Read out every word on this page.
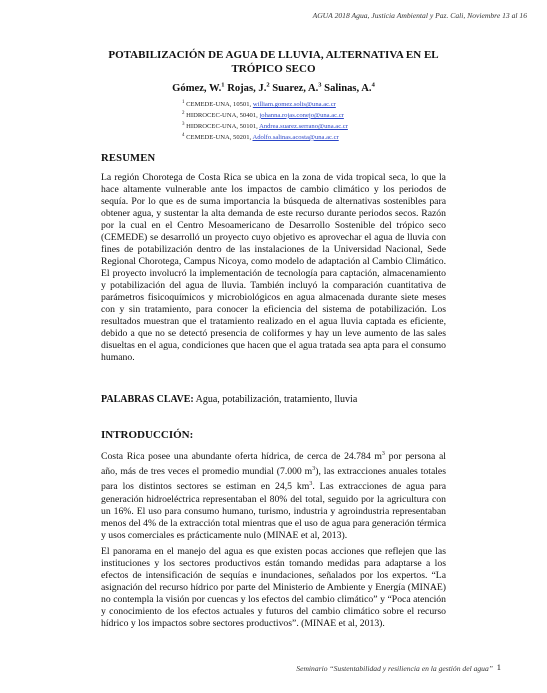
AGUA 2018 Agua, Justicia Ambiental y Paz. Cali, Noviembre 13 al 16
POTABILIZACIÓN DE AGUA DE LLUVIA, ALTERNATIVA EN EL
TRÓPICO SECO
Gómez, W.$^1$ Rojas, J.$^2$ Suarez, A.$^3$ Salinas, A.$^4$
$^1$ CEMEDE-UNA, 10501, william.gomez.solis@una.ac.cr
$^2$ HIDROCEC-UNA, 50401, johanna.rojas.conejo@una.ac.cr
$^3$ HIDROCEC-UNA, 50101, Andrea.suarez.serrano@una.ac.cr
$^4$ CEMEDE-UNA, 50201, Adolfo.salinas.acosta@una.ac.cr
RESUMEN
La región Chorotega de Costa Rica se ubica en la zona de vida tropical seca, lo que la hace altamente vulnerable ante los impactos de cambio climático y los periodos de sequía. Por lo que es de suma importancia la búsqueda de alternativas sostenibles para obtener agua, y sustentar la alta demanda de este recurso durante periodos secos. Razón por la cual en el Centro Mesoamericano de Desarrollo Sostenible del trópico seco (CEMEDE) se desarrolló un proyecto cuyo objetivo es aprovechar el agua de lluvia con fines de potabilización dentro de las instalaciones de la Universidad Nacional, Sede Regional Chorotega, Campus Nicoya, como modelo de adaptación al Cambio Climático. El proyecto involucró la implementación de tecnología para captación, almacenamiento y potabilización del agua de lluvia. También incluyó la comparación cuantitativa de parámetros fisicoquímicos y microbiológicos en agua almacenada durante siete meses con y sin tratamiento, para conocer la eficiencia del sistema de potabilización. Los resultados muestran que el tratamiento realizado en el agua lluvia captada es eficiente, debido a que no se detectó presencia de coliformes y hay un leve aumento de las sales disueltas en el agua, condiciones que hacen que el agua tratada sea apta para el consumo humano.
PALABRAS CLAVE: Agua, potabilización, tratamiento, lluvia
INTRODUCCIÓN:
Costa Rica posee una abundante oferta hídrica, de cerca de 24.784 $m^3$ por persona al año, más de tres veces el promedio mundial (7.000 $m^3$), las extracciones anuales totales para los distintos sectores se estiman en 24,5 $km^3$. Las extracciones de agua para generación hidroeléctrica representaban el 80% del total, seguido por la agricultura con un 16%. El uso para consumo humano, turismo, industria y agroindustria representaban menos del 4% de la extracción total mientras que el uso de agua para generación térmica y usos comerciales es prácticamente nulo (MINAE et al, 2013).
El panorama en el manejo del agua es que existen pocas acciones que reflejen que las instituciones y los sectores productivos están tomando medidas para adaptarse a los efectos de intensificación de sequías e inundaciones, señalados por los expertos. “La asignación del recurso hídrico por parte del Ministerio de Ambiente y Energía (MINAE) no contempla la visión por cuencas y los efectos del cambio climático” y “Poca atención y conocimiento de los efectos actuales y futuros del cambio climático sobre el recurso hídrico y los impactos sobre sectores productivos”. (MINAE et al, 2013).
Seminario “Sustentabilidad y resiliencia en la gestión del agua” 1
